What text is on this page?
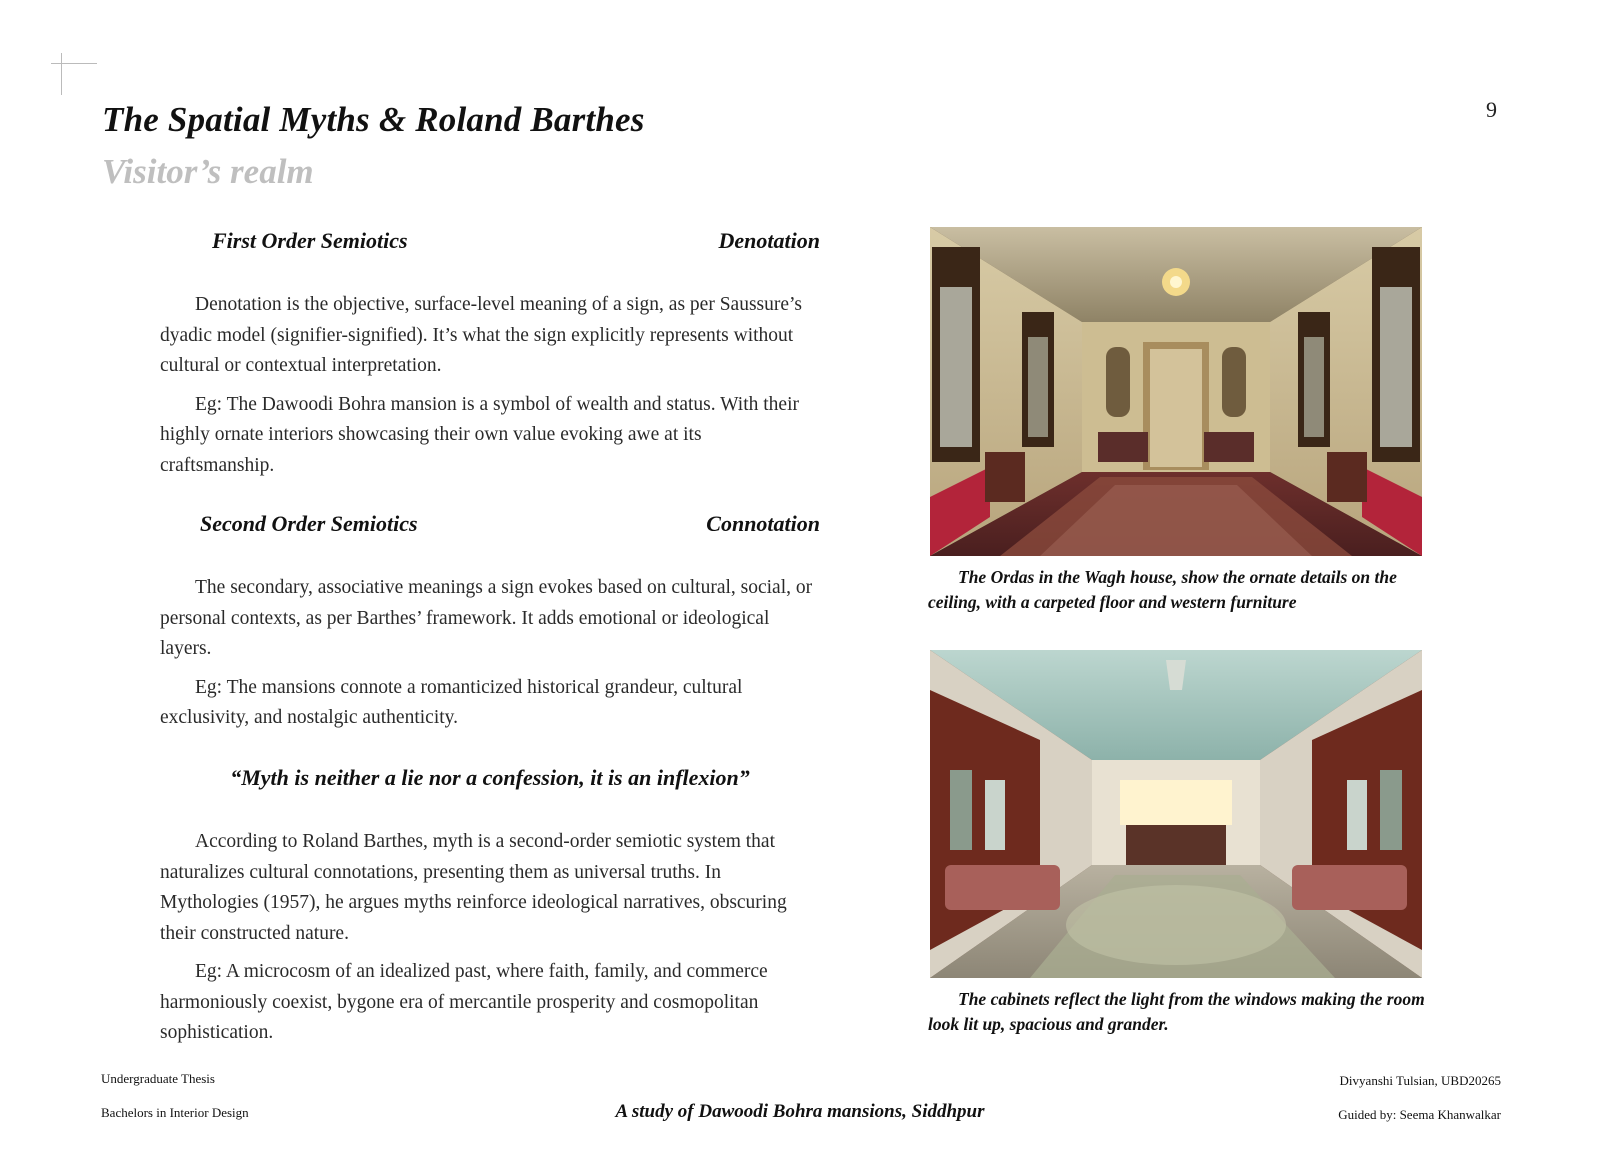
9
The Spatial Myths & Roland Barthes
Visitor’s realm
First Order Semiotics	Denotation

Denotation is the objective, surface-level meaning of a sign, as per Saussure’s dyadic model (signifier-signified). It’s what the sign explicitly represents without cultural or contextual interpretation.

Eg: The Dawoodi Bohra mansion is a symbol of wealth and status. With their highly ornate interiors showcasing their own value evoking awe at its craftsmanship.

Second Order Semiotics	Connotation

The secondary, associative meanings a sign evokes based on cultural, social, or personal contexts, as per Barthes’ framework. It adds emotional or ideological layers.

Eg: The mansions connote a romanticized historical grandeur, cultural exclusivity, and nostalgic authenticity.

“Myth is neither a lie nor a confession, it is an inflexion”

According to Roland Barthes, myth is a second-order semiotic system that naturalizes cultural connotations, presenting them as universal truths. In Mythologies (1957), he argues myths reinforce ideological narratives, obscuring their constructed nature.

Eg: A microcosm of an idealized past, where faith, family, and commerce harmoniously coexist, bygone era of mercantile prosperity and cosmopolitan sophistication.

The Ordas in the Wagh house, show the ornate details on the ceiling, with a carpeted floor and western furniture

The cabinets reflect the light from the windows making the room look lit up, spacious and grander.

Undergraduate Thesis
Bachelors in Interior Design	A study of Dawoodi Bohra mansions, Siddhpur
Divyanshi Tulsian, UBD20265
Guided by: Seema Khanwalkar
